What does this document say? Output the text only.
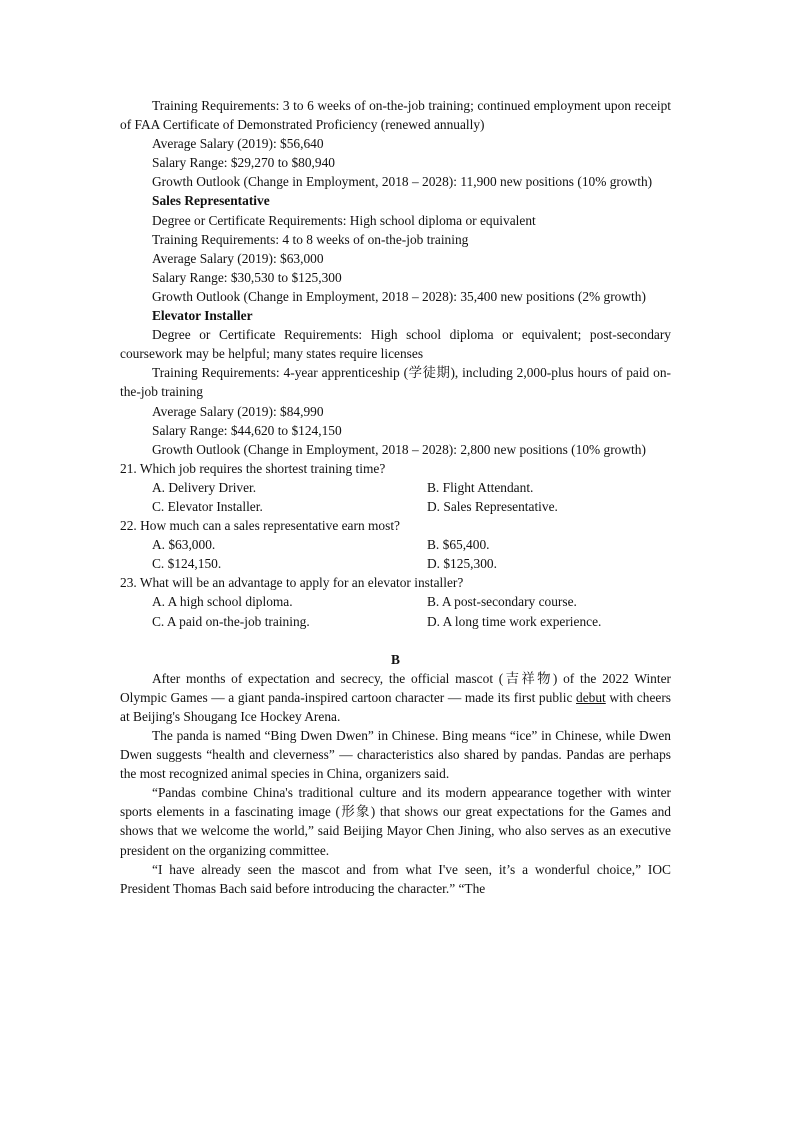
Training Requirements: 3 to 6 weeks of on-the-job training; continued employment upon receipt of FAA Certificate of Demonstrated Proficiency (renewed annually)

Average Salary (2019): $56,640

Salary Range: $29,270 to $80,940

Growth Outlook (Change in Employment, 2018 – 2028): 11,900 new positions (10% growth)

Sales Representative

Degree or Certificate Requirements: High school diploma or equivalent

Training Requirements: 4 to 8 weeks of on-the-job training

Average Salary (2019): $63,000

Salary Range: $30,530 to $125,300

Growth Outlook (Change in Employment, 2018 – 2028): 35,400 new positions (2% growth)

Elevator Installer

Degree or Certificate Requirements: High school diploma or equivalent; post-secondary coursework may be helpful; many states require licenses

Training Requirements: 4-year apprenticeship (学徒期), including 2,000-plus hours of paid on-the-job training

Average Salary (2019): $84,990

Salary Range: $44,620 to $124,150

Growth Outlook (Change in Employment, 2018 – 2028): 2,800 new positions (10% growth)

21. Which job requires the shortest training time?

A. Delivery Driver.	B. Flight Attendant.
C. Elevator Installer.	D. Sales Representative.

22. How much can a sales representative earn most?

A. $63,000.	B. $65,400.
C. $124,150.	D. $125,300.

23. What will be an advantage to apply for an elevator installer?

A. A high school diploma.	B. A post-secondary course.
C. A paid on-the-job training.	D. A long time work experience.

B

After months of expectation and secrecy, the official mascot (吉祥物) of the 2022 Winter Olympic Games — a giant panda-inspired cartoon character — made its first public debut with cheers at Beijing's Shougang Ice Hockey Arena.

The panda is named “Bing Dwen Dwen” in Chinese. Bing means “ice” in Chinese, while Dwen Dwen suggests “health and cleverness” — characteristics also shared by pandas. Pandas are perhaps the most recognized animal species in China, organizers said.

“Pandas combine China's traditional culture and its modern appearance together with winter sports elements in a fascinating image (形象) that shows our great expectations for the Games and shows that we welcome the world,” said Beijing Mayor Chen Jining, who also serves as an executive president on the organizing committee.

“I have already seen the mascot and from what I've seen, it’s a wonderful choice,” IOC President Thomas Bach said before introducing the character.” “The
